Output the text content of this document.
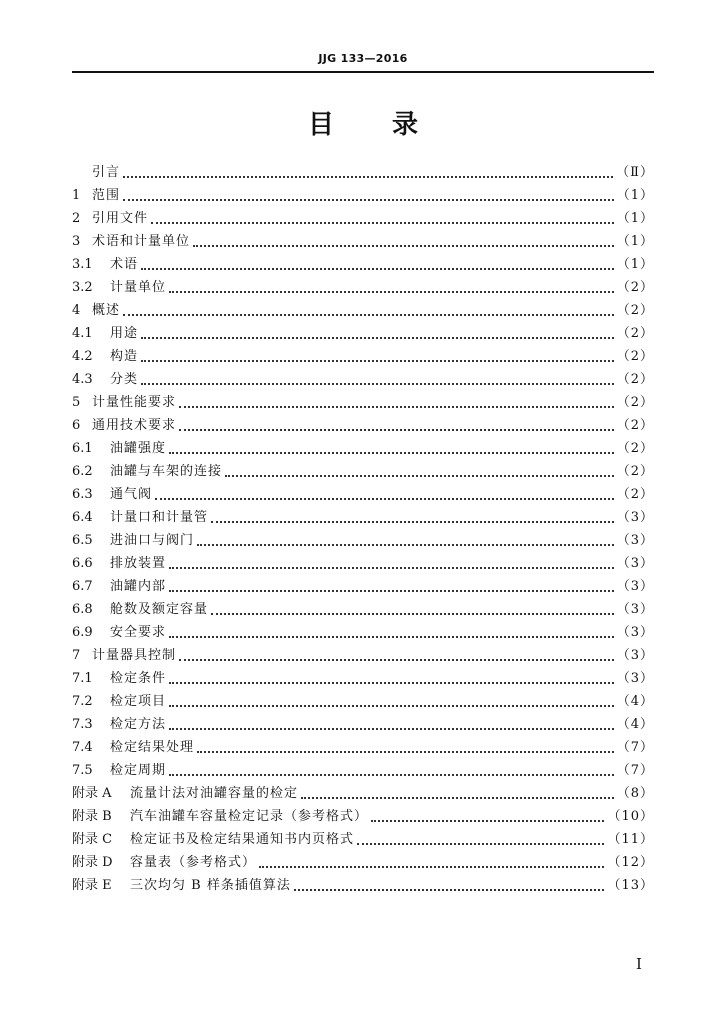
JJG 133—2016
目录
引言	（Ⅱ）
1 范围	（1）
2 引用文件	（1）
3 术语和计量单位	（1）
3.1	术语	（1）
3.2	计量单位	（2）
4 概述	（2）
4.1	用途	（2）
4.2	构造	（2）
4.3	分类	（2）
5 计量性能要求	（2）
6 通用技术要求	（2）
6.1	油罐强度	（2）
6.2	油罐与车架的连接	（2）
6.3	通气阀	（2）
6.4	计量口和计量管	（3）
6.5	进油口与阀门	（3）
6.6	排放装置	（3）
6.7	油罐内部	（3）
6.8	舱数及额定容量	（3）
6.9	安全要求	（3）
7 计量器具控制	（3）
7.1	检定条件	（3）
7.2	检定项目	（4）
7.3	检定方法	（4）
7.4	检定结果处理	（7）
7.5	检定周期	（7）
附录 A	流量计法对油罐容量的检定	（8）
附录 B	汽车油罐车容量检定记录（参考格式）	（10）
附录 C	检定证书及检定结果通知书内页格式	（11）
附录 D	容量表（参考格式）	（12）
附录 E	三次均匀 B 样条插值算法	（13）
Ⅰ
